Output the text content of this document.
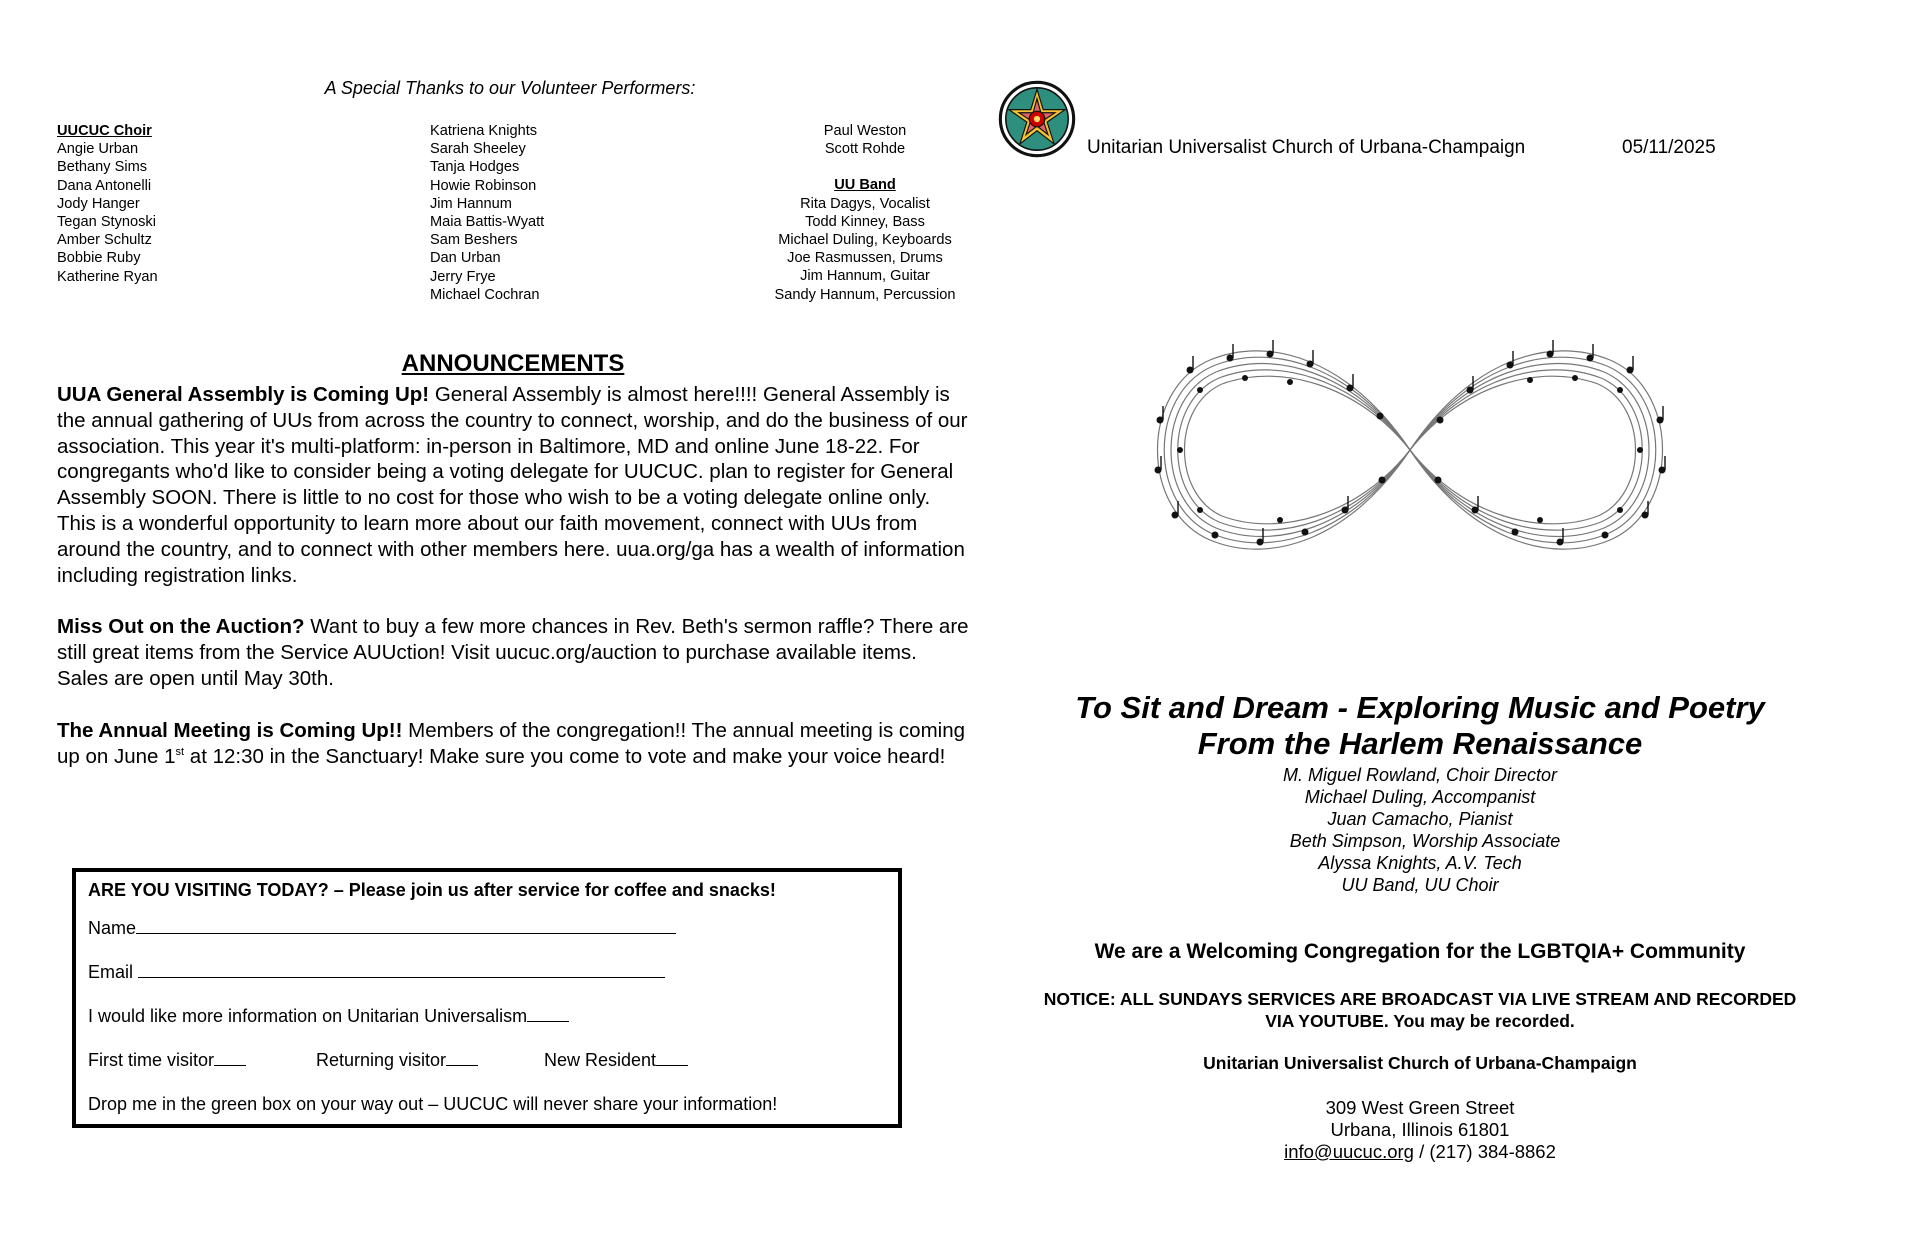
A Special Thanks to our Volunteer Performers:
UUCUC Choir
Angie Urban
Bethany Sims
Dana Antonelli
Jody Hanger
Tegan Stynoski
Amber Schultz
Bobbie Ruby
Katherine Ryan
Katriena Knights
Sarah Sheeley
Tanja Hodges
Howie Robinson
Jim Hannum
Maia Battis-Wyatt
Sam Beshers
Dan Urban
Jerry Frye
Michael Cochran
Paul Weston
Scott Rohde
UU Band
Rita Dagys, Vocalist
Todd Kinney, Bass
Michael Duling, Keyboards
Joe Rasmussen, Drums
Jim Hannum, Guitar
Sandy Hannum, Percussion
ANNOUNCEMENTS

UUA General Assembly is Coming Up! General Assembly is almost here!!!! General Assembly is the annual gathering of UUs from across the country to connect, worship, and do the business of our association. This year it's multi-platform: in-person in Baltimore, MD and online June 18-22. For congregants who'd like to consider being a voting delegate for UUCUC. plan to register for General Assembly SOON. There is little to no cost for those who wish to be a voting delegate online only. This is a wonderful opportunity to learn more about our faith movement, connect with UUs from around the country, and to connect with other members here. uua.org/ga has a wealth of information including registration links.

Miss Out on the Auction? Want to buy a few more chances in Rev. Beth's sermon raffle? There are still great items from the Service AUUction! Visit uucuc.org/auction to purchase available items. Sales are open until May 30th.

The Annual Meeting is Coming Up!! Members of the congregation!! The annual meeting is coming up on June 1st at 12:30 in the Sanctuary! Make sure you come to vote and make your voice heard!

ARE YOU VISITING TODAY? – Please join us after service for coffee and snacks!
Name
Email
I would like more information on Unitarian Universalism
First time visitor	Returning visitor	New Resident
Drop me in the green box on your way out – UUCUC will never share your information!
Unitarian Universalist Church of Urbana-Champaign	05/11/2025
To Sit and Dream - Exploring Music and Poetry
From the Harlem Renaissance
M. Miguel Rowland, Choir Director
Michael Duling, Accompanist
Juan Camacho, Pianist
Beth Simpson, Worship Associate
Alyssa Knights, A.V. Tech
UU Band, UU Choir
We are a Welcoming Congregation for the LGBTQIA+ Community
NOTICE: ALL SUNDAYS SERVICES ARE BROADCAST VIA LIVE STREAM AND RECORDED
VIA YOUTUBE. You may be recorded.
Unitarian Universalist Church of Urbana-Champaign
309 West Green Street
Urbana, Illinois 61801
info@uucuc.org / (217) 384-8862
